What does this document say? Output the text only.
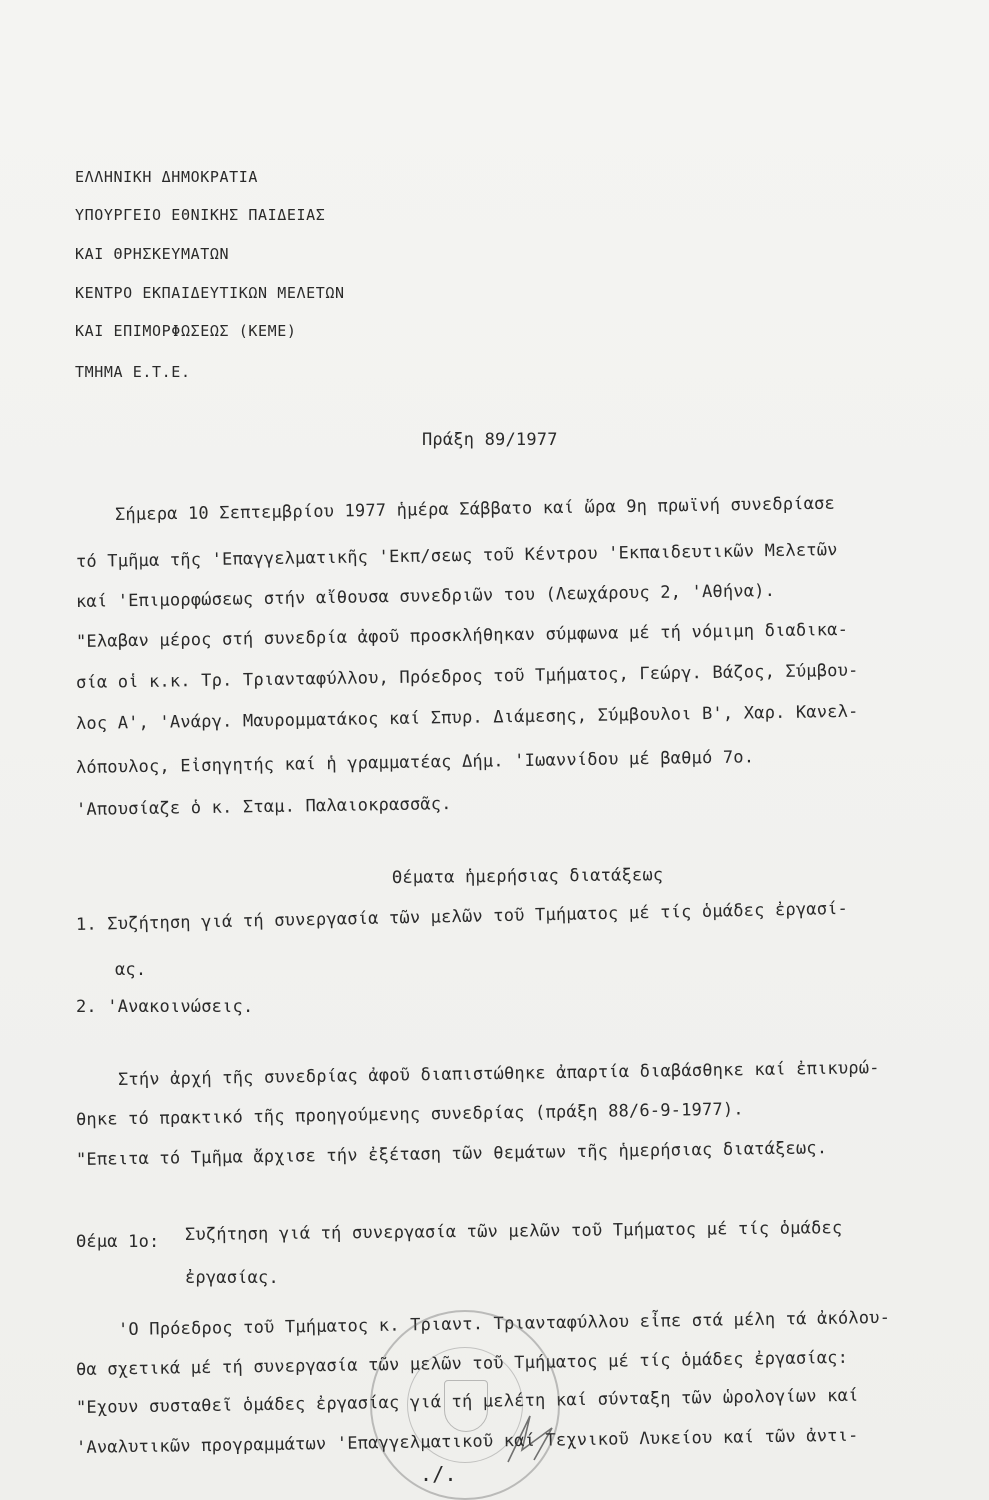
ΕΛΛΗΝΙΚΗ ΔΗΜΟΚΡΑΤΙΑ
ΥΠΟΥΡΓΕΙΟ ΕΘΝΙΚΗΣ ΠΑΙΔΕΙΑΣ
ΚΑΙ ΘΡΗΣΚΕΥΜΑΤΩΝ
ΚΕΝΤΡΟ ΕΚΠΑΙΔΕΥΤΙΚΩΝ ΜΕΛΕΤΩΝ
ΚΑΙ ΕΠΙΜΟΡΦΩΣΕΩΣ (ΚΕΜΕ)
ΤΜΗΜΑ Ε.Τ.Ε.
Πράξη 89/1977
Σήμερα 10 Σεπτεμβρίου 1977 ἡμέρα Σάββατο καί ὥρα 9η πρωϊνή συνεδρίασε
τό Τμῆμα τῆς 'Επαγγελματικῆς 'Εκπ/σεως τοῦ Κέντρου 'Εκπαιδευτικῶν Μελετῶν
καί 'Επιμορφώσεως στήν αἴθουσα συνεδριῶν του (Λεωχάρους 2, 'Αθήνα).
"Ελαβαν μέρος στή συνεδρία ἀφοῦ προσκλήθηκαν σύμφωνα μέ τή νόμιμη διαδικα-
σία οἱ κ.κ. Τρ. Τριανταφύλλου, Πρόεδρος τοῦ Τμήματος, Γεώργ. Βάζος, Σύμβου-
λος Α', 'Ανάργ. Μαυρομματάκος καί Σπυρ. Διάμεσης, Σύμβουλοι Β', Χαρ. Κανελ-
λόπουλος, Εἰσηγητής καί ἡ γραμματέας Δήμ. 'Ιωαννίδου μέ βαθμό 7ο.
'Απουσίαζε ὁ κ. Σταμ. Παλαιοκρασσᾶς.
Θέματα ἡμερήσιας διατάξεως
1. Συζήτηση γιά τή συνεργασία τῶν μελῶν τοῦ Τμήματος μέ τίς ὁμάδες ἐργασί-
ας.
2. 'Ανακοινώσεις.
Στήν ἀρχή τῆς συνεδρίας ἀφοῦ διαπιστώθηκε ἀπαρτία διαβάσθηκε καί ἐπικυρώ-
θηκε τό πρακτικό τῆς προηγούμενης συνεδρίας (πράξη 88/6-9-1977).
"Επειτα τό Τμῆμα ἄρχισε τήν ἐξέταση τῶν θεμάτων τῆς ἡμερήσιας διατάξεως.
Θέμα 1ο: Συζήτηση γιά τή συνεργασία τῶν μελῶν τοῦ Τμήματος μέ τίς ὁμάδες
ἐργασίας.
'Ο Πρόεδρος τοῦ Τμήματος κ. Τριαντ. Τριανταφύλλου εἶπε στά μέλη τά ἀκόλου-
θα σχετικά μέ τή συνεργασία τῶν μελῶν τοῦ Τμήματος μέ τίς ὁμάδες ἐργασίας:
"Εχουν συσταθεῖ ὁμάδες ἐργασίας γιά τή μελέτη καί σύνταξη τῶν ὡρολογίων καί
'Αναλυτικῶν προγραμμάτων 'Επαγγελματικοῦ καί Τεχνικοῦ Λυκείου καί τῶν ἀντι-
./.
